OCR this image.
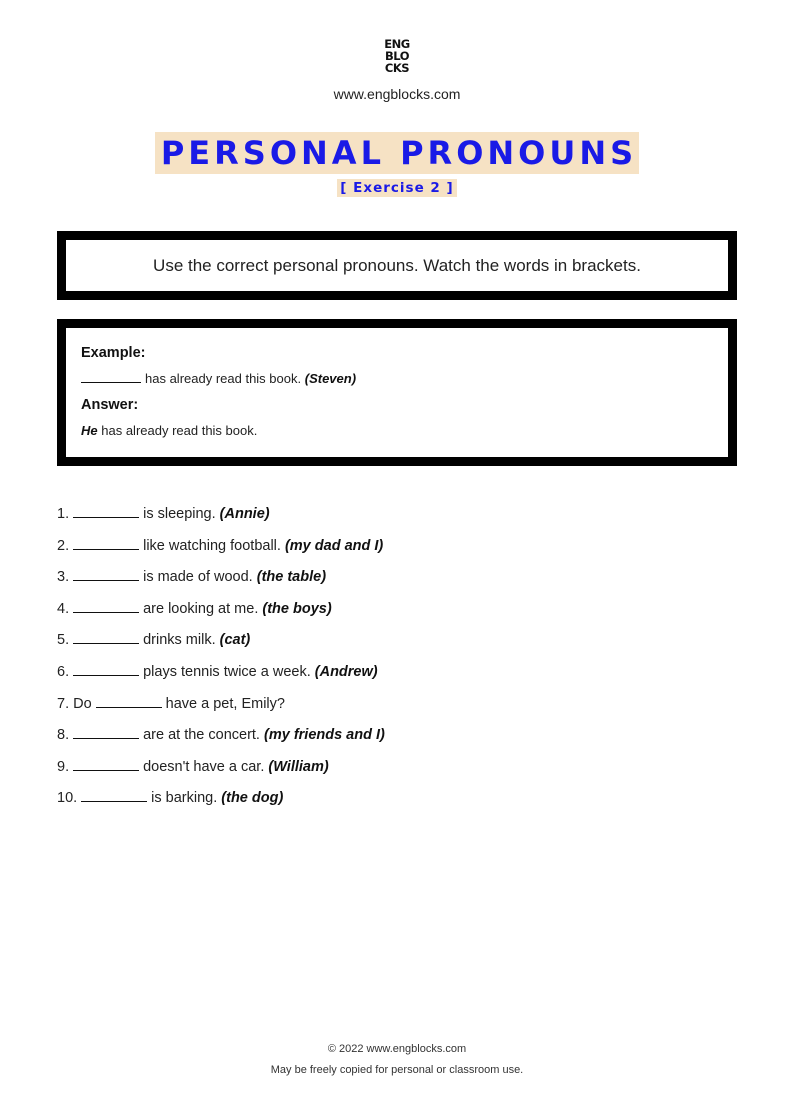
ENG
BLO
CKS
www.engblocks.com
PERSONAL PRONOUNS
[ Exercise 2 ]
Use the correct personal pronouns. Watch the words in brackets.

Example:

has already read this book. (Steven)

Answer:

He has already read this book.

1.	is sleeping. (Annie)
2.	like watching football. (my dad and I)
3.	is made of wood. (the table)
4.	are looking at me. (the boys)
5.	drinks milk. (cat)
6.	plays tennis twice a week. (Andrew)
7. Do	have a pet, Emily?
8.	are at the concert. (my friends and I)
9.	doesn't have a car. (William)
10.	is barking. (the dog)
© 2022 www.engblocks.com
May be freely copied for personal or classroom use.
